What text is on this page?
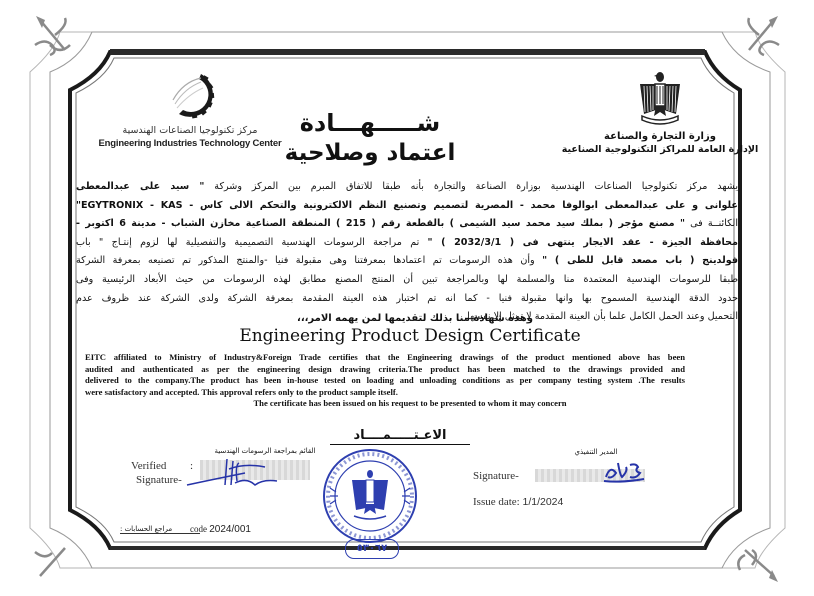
وزارة التجارة والصناعة
الإدارة العامة للمراكز التكنولوجية الصناعية
مركز تكنولوجيا الصناعات الهندسية
Engineering Industries Technology Center
شـــــهـــادة
اعتماد وصلاحية
يشهد مركز تكنولوجيا الصناعات الهندسية بوزارة الصناعة والتجارة بأنه طبقا للاتفاق المبرم بين المركز وشركة " سيد على عبدالمعطى
علوانى و على عبدالمعطى ابوالوفا محمد - المصرية لتصميم وتصنيع النظم الالكترونية والتحكم الالى كاس - EGYTRONIX - KAS"
الكائنــة فى " مصنع مؤجر ( بملك سيد محمد سيد الشيمى ) بالقطعة رقم ( 215 ) المنطقة الصناعية مخازن الشباب - مدينة 6 اكتوبر -
محافظة الجيزة - عقد الايجار ينتهى فى ( 2032/3/1 ) " تم مراجعة الرسومات الهندسية التصميمية والتفصيلية لها لزوم إنتـاج " باب
فولدينج ( باب مصعد قابل للطى ) " وأن هذه الرسومات تم اعتمادها بمعرفتنا وهى مقبولة فنيا -والمنتج المذكور تم تصنيعه بمعرفة الشركة
طبقا للرسومات الهندسية المعتمدة منا والمسلمة لها وبالمراجعة تبين أن المنتج المصنع مطابق لهذه الرسومات من حيث الأبعاد الرئيسية وفى
حدود الدقة الهندسية المسموح بها وانها مقبولة فنيا - كما انه تم اختبار هذه العينة المقدمة بمعرفة الشركة ولدى الشركة عند ظروف عدم
التحميل وعند الحمل الكامل علما بأن العينة المقدمة لا تمثل إلا نفسها.
وهذه شهادة منا بذلك لتقديمها لمن يهمه الامر،،،
Engineering Product Design Certificate
EITC affiliated to Ministry of Industry&Foreign Trade certifies that the Engineering drawings of the product mentioned above has been
audited and authenticated as per the engineering design drawing criteria.The product has been matched to the drawings provided and
delivered to the company.The product has been in-house tested on loading and unloading conditions as per company testing system .The results
were satisfactory and accepted. This approval refers only to the product sample itself.
The certificate has been issued on his request to be presented to whom it may concern
الاعـتـــــمــــاد
القائم بمراجعة الرسومات الهندسية
Verified :
Signature-
مراجع الحسابات :	code 2024/001
٥٣٠٦٧
المدير التنفيذي
Signature-
Issue date: 1/1/2024
